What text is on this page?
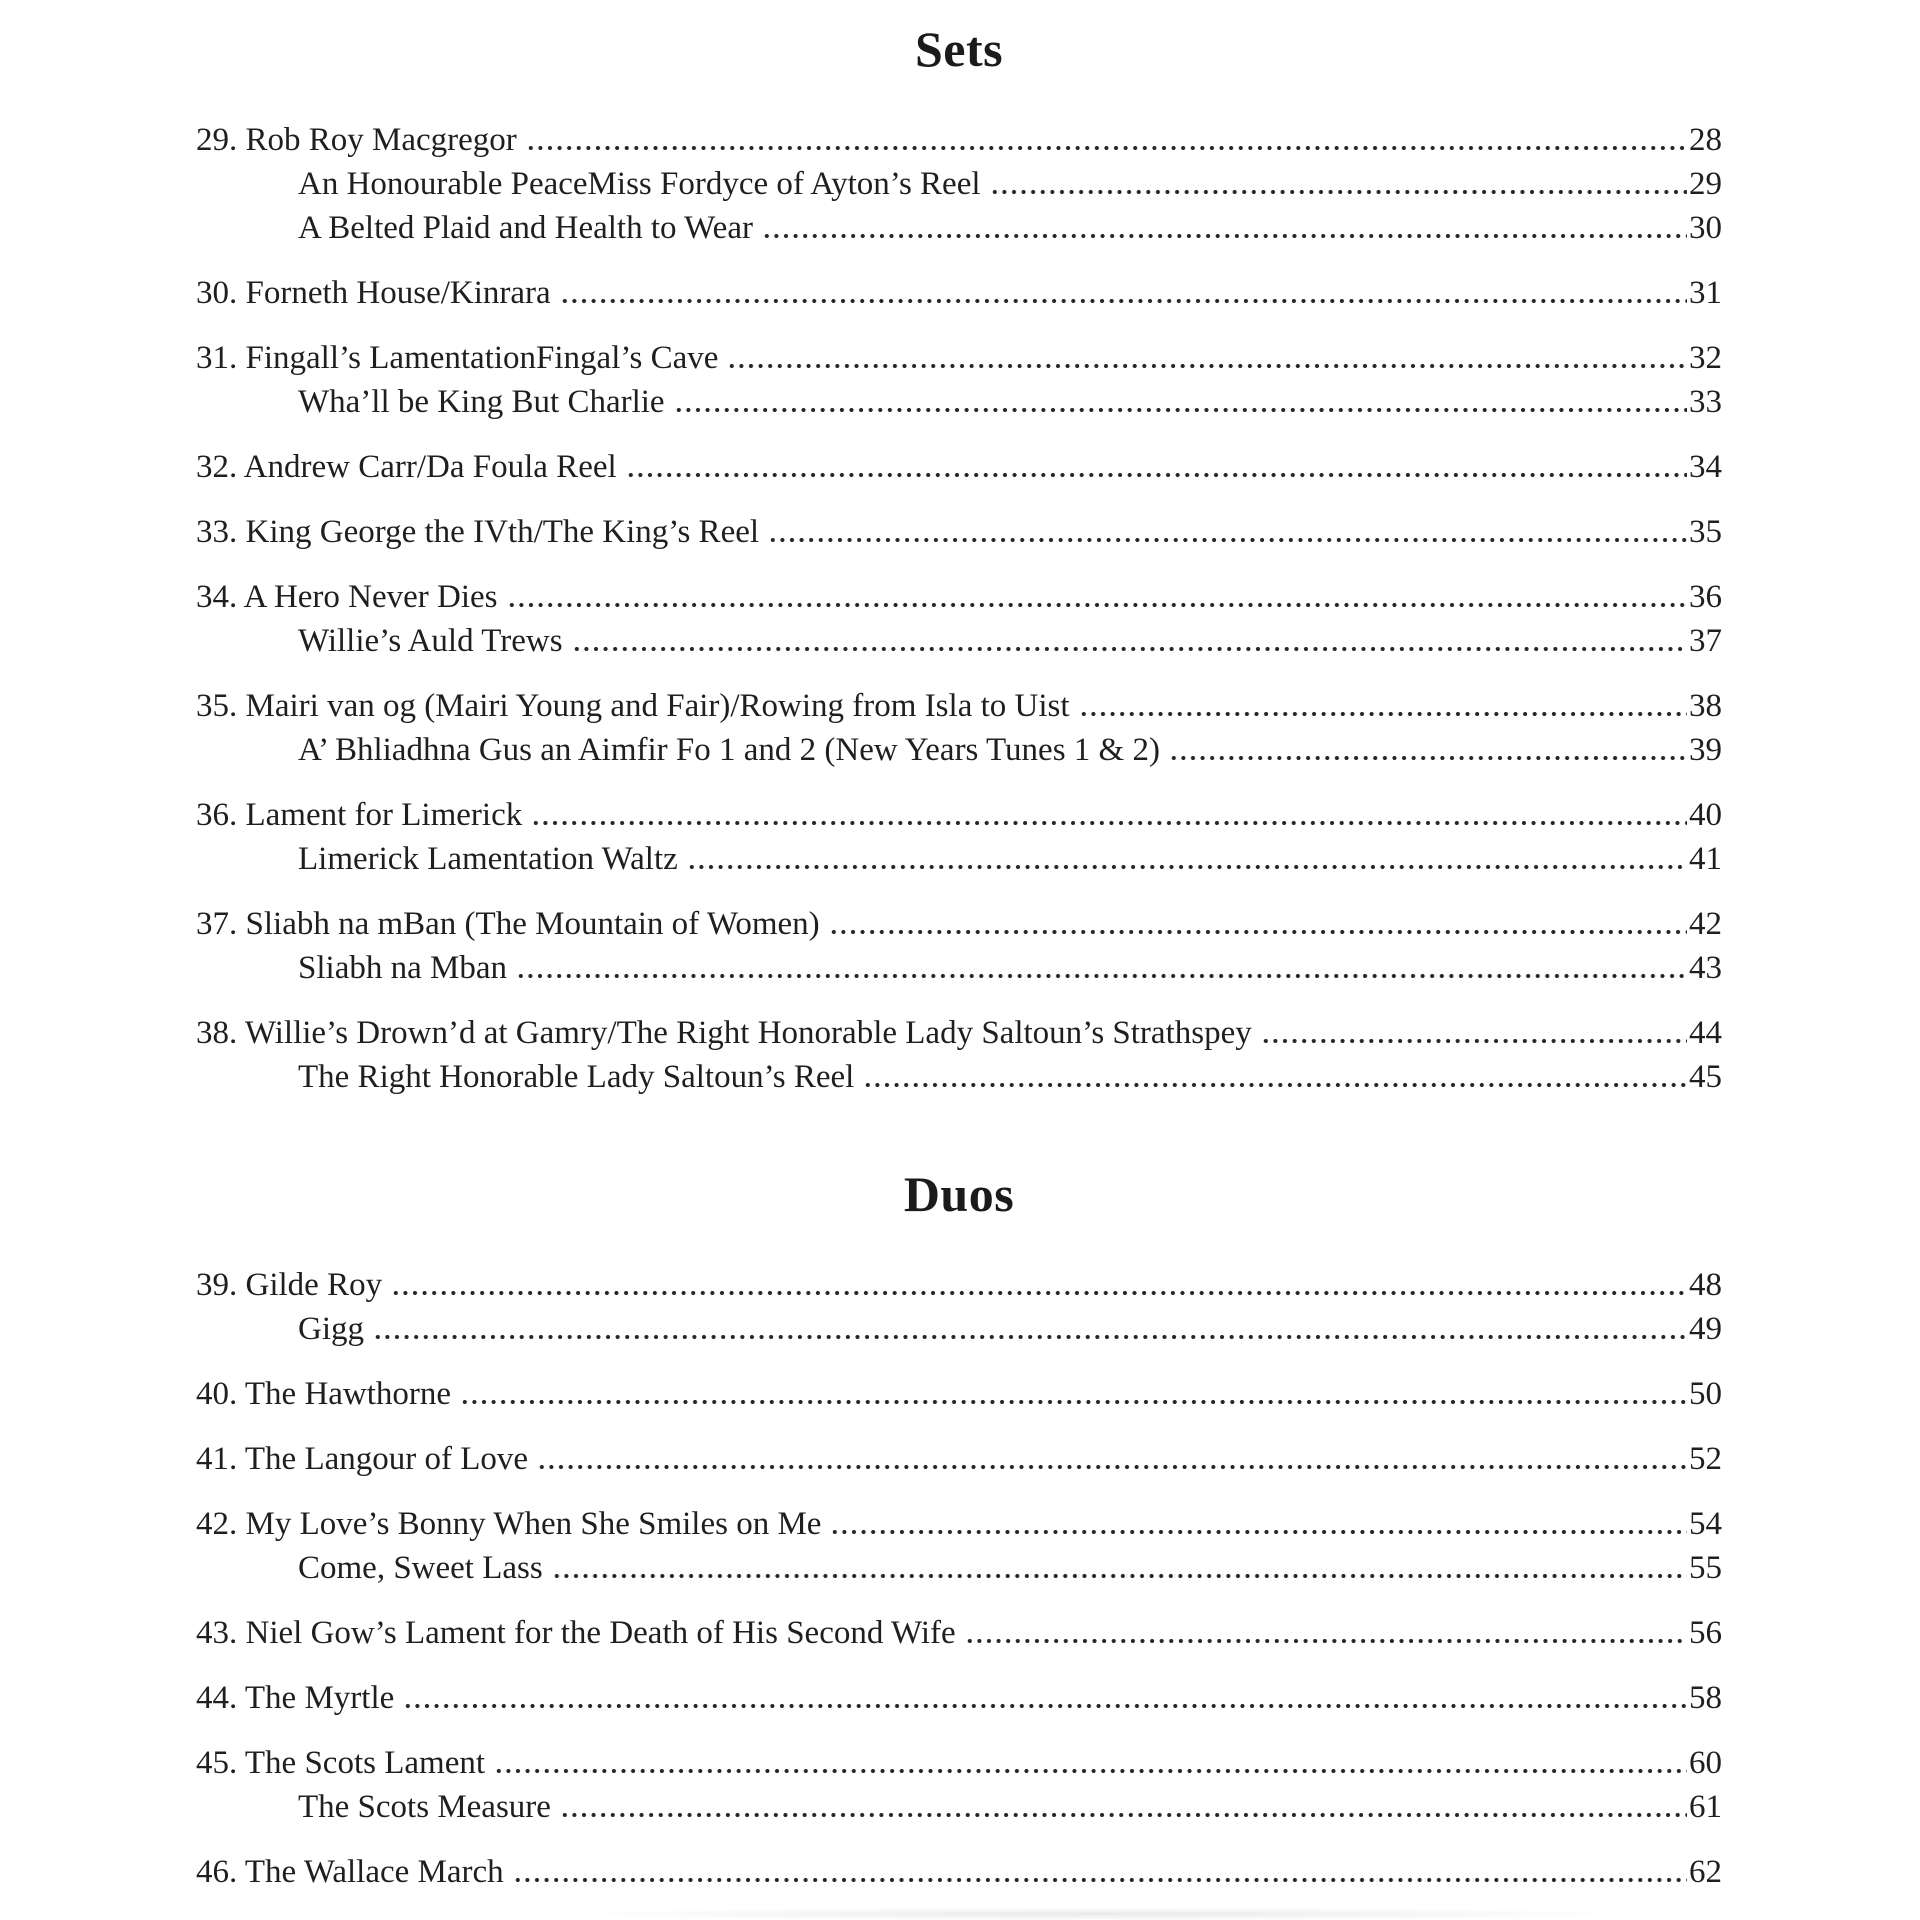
Sets
29. Rob Roy Macgregor	28
An Honourable PeaceMiss Fordyce of Ayton’s Reel	29
A Belted Plaid and Health to Wear	30
30. Forneth House/Kinrara	31
31. Fingall’s LamentationFingal’s Cave	32
Wha’ll be King But Charlie	33
32. Andrew Carr/Da Foula Reel	34
33. King George the IVth/The King’s Reel	35
34. A Hero Never Dies	36
Willie’s Auld Trews	37
35. Mairi van og (Mairi Young and Fair)/Rowing from Isla to Uist	38
A’ Bhliadhna Gus an Aimfir Fo 1 and 2 (New Years Tunes 1 & 2)	39
36. Lament for Limerick	40
Limerick Lamentation Waltz	41
37. Sliabh na mBan (The Mountain of Women)	42
Sliabh na Mban	43
38. Willie’s Drown’d at Gamry/The Right Honorable Lady Saltoun’s Strathspey	44
The Right Honorable Lady Saltoun’s Reel	45
Duos
39. Gilde Roy	48
Gigg	49
40. The Hawthorne	50
41. The Langour of Love	52
42. My Love’s Bonny When She Smiles on Me	54
Come, Sweet Lass	55
43. Niel Gow’s Lament for the Death of His Second Wife	56
44. The Myrtle	58
45. The Scots Lament	60
The Scots Measure	61
46. The Wallace March	62
